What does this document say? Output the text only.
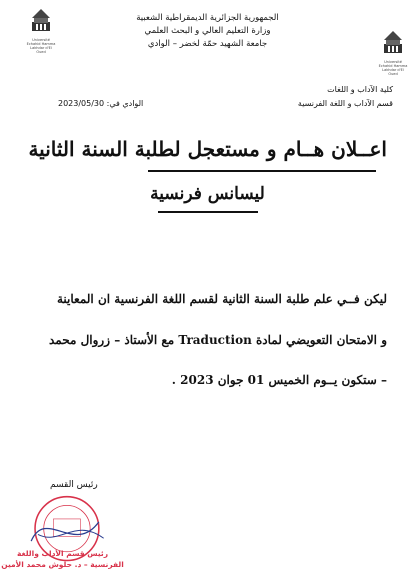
Université Echahid Hamma Lakhdar d'El Oued
Université Echahid Hamma Lakhdar d'El Oued
الجمهورية الجزائرية الديمقراطية الشعبية
وزارة التعليم العالي و البحث العلمي
جامعة الشهيد حمّة لخضر – الوادي
كلية الآداب و اللغات
قسم الآداب و اللغة الفرنسية
الوادي في: 2023/05/30
اعــلان هــام و مستعجل لطلبة السنة الثانية
ليسانس فرنسية
ليكن فــي علم طلبة السنة الثانية لقسم اللغة الفرنسية ان المعاينة
و الامتحان التعويضي لمادة Traduction مع الأستاذ – زروال محمد
– ستكون يــوم الخميس 01 جوان 2023 .
رئيس القسم
رئيس قسم الأداب واللغة الفرنسية – د. حلوش محمد الأمين
